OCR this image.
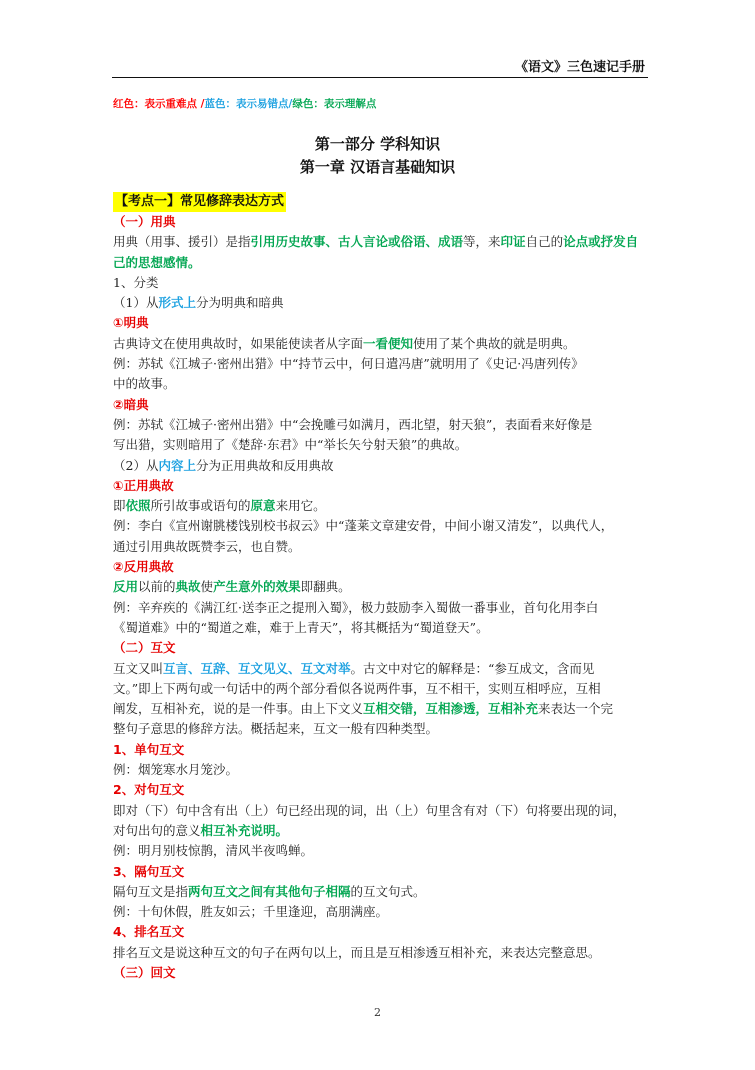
《语文》三色速记手册
红色：表示重难点 /蓝色：表示易错点/绿色：表示理解点
第一部分 学科知识
第一章 汉语言基础知识
【考点一】常见修辞表达方式

（一）用典

用典（用事、援引）是指引用历史故事、古人言论或俗语、成语等，来印证自己的论点或抒发自己的思想感情。

1、分类

（1）从形式上分为明典和暗典

①明典

古典诗文在使用典故时，如果能使读者从字面一看便知使用了某个典故的就是明典。

例：苏轼《江城子·密州出猎》中“持节云中，何日遣冯唐”就明用了《史记·冯唐列传》

中的故事。

②暗典

例：苏轼《江城子·密州出猎》中“会挽雕弓如满月，西北望，射天狼”，表面看来好像是

写出猎，实则暗用了《楚辞·东君》中“举长矢兮射天狼”的典故。

（2）从内容上分为正用典故和反用典故

①正用典故

即依照所引故事或语句的原意来用它。

例：李白《宣州谢朓楼饯别校书叔云》中“蓬莱文章建安骨，中间小谢又清发”，以典代人，

通过引用典故既赞李云，也自赞。

②反用典故

反用以前的典故使产生意外的效果即翻典。

例：辛弃疾的《满江红·送李正之提刑入蜀》，极力鼓励李入蜀做一番事业，首句化用李白

《蜀道难》中的“蜀道之难，难于上青天”，将其概括为“蜀道登天”。

（二）互文

互文又叫互言、互辞、互文见义、互文对举。古文中对它的解释是：“参互成文，含而见

文。”即上下两句或一句话中的两个部分看似各说两件事，互不相干，实则互相呼应，互相

阐发，互相补充，说的是一件事。由上下文义互相交错，互相渗透，互相补充来表达一个完

整句子意思的修辞方法。概括起来，互文一般有四种类型。

1、单句互文

例：烟笼寒水月笼沙。

2、对句互文

即对（下）句中含有出（上）句已经出现的词，出（上）句里含有对（下）句将要出现的词，

对句出句的意义相互补充说明。

例：明月别枝惊鹊，清风半夜鸣蝉。

3、隔句互文

隔句互文是指两句互文之间有其他句子相隔的互文句式。

例：十旬休假，胜友如云；千里逢迎，高朋满座。

4、排名互文

排名互文是说这种互文的句子在两句以上，而且是互相渗透互相补充，来表达完整意思。

（三）回文

2
